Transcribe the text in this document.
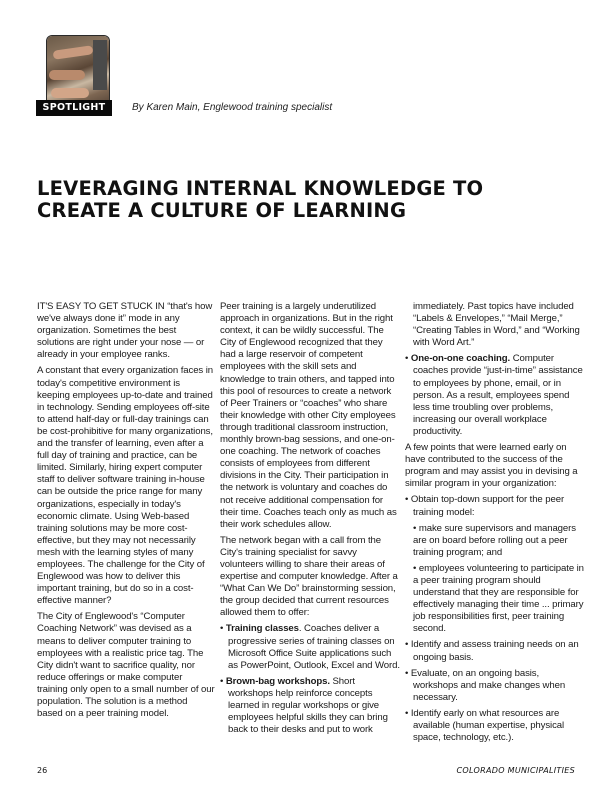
SPOTLIGHT	By Karen Main, Englewood training specialist
LEVERAGING INTERNAL KNOWLEDGE TO
CREATE A CULTURE OF LEARNING

IT'S EASY TO GET STUCK IN “that's how we've always done it” mode in any organization. Sometimes the best solutions are right under your nose — or already in your employee ranks.

A constant that every organization faces in today's competitive environment is keeping employees up-to-date and trained in technology. Sending employees off-site to attend half-day or full-day trainings can be cost-prohibitive for many organizations, and the transfer of learning, even after a full day of training and practice, can be limited. Similarly, hiring expert computer staff to deliver software training in-house can be outside the price range for many organizations, especially in today's economic climate. Using Web-based training solutions may be more cost-effective, but they may not necessarily mesh with the learning styles of many employees. The challenge for the City of Englewood was how to deliver this important training, but do so in a cost-effective manner?

The City of Englewood's “Computer Coaching Network” was devised as a means to deliver computer training to employees with a realistic price tag. The City didn't want to sacrifice quality, nor reduce offerings or make computer training only open to a small number of our population. The solution is a method based on a peer training model.

Peer training is a largely underutilized approach in organizations. But in the right context, it can be wildly successful. The City of Englewood recognized that they had a large reservoir of competent employees with the skill sets and knowledge to train others, and tapped into this pool of resources to create a network of Peer Trainers or “coaches” who share their knowledge with other City employees through traditional classroom instruction, monthly brown-bag sessions, and one-on-one coaching. The network of coaches consists of employees from different divisions in the City. Their participation in the network is voluntary and coaches do not receive additional compensation for their time. Coaches teach only as much as their work schedules allow.

The network began with a call from the City's training specialist for savvy volunteers willing to share their areas of expertise and computer knowledge. After a “What Can We Do” brainstorming session, the group decided that current resources allowed them to offer:

• Training classes. Coaches deliver a progressive series of training classes on Microsoft Office Suite applications such as PowerPoint, Outlook, Excel and Word.

• Brown-bag workshops. Short workshops help reinforce concepts learned in regular workshops or give employees helpful skills they can bring back to their desks and put to work

immediately. Past topics have included “Labels & Envelopes,” “Mail Merge,” “Creating Tables in Word,” and “Working with Word Art.”

• One-on-one coaching. Computer coaches provide “just-in-time” assistance to employees by phone, email, or in person. As a result, employees spend less time troubling over problems, increasing our overall workplace productivity.

A few points that were learned early on have contributed to the success of the program and may assist you in devising a similar program in your organization:

• Obtain top-down support for the peer training model:

• make sure supervisors and managers are on board before rolling out a peer training program; and

• employees volunteering to participate in a peer training program should understand that they are responsible for effectively managing their time ... primary job responsibilities first, peer training second.

• Identify and assess training needs on an ongoing basis.

• Evaluate, on an ongoing basis, workshops and make changes when necessary.

• Identify early on what resources are available (human expertise, physical space, technology, etc.).

26	COLORADO MUNICIPALITIES
